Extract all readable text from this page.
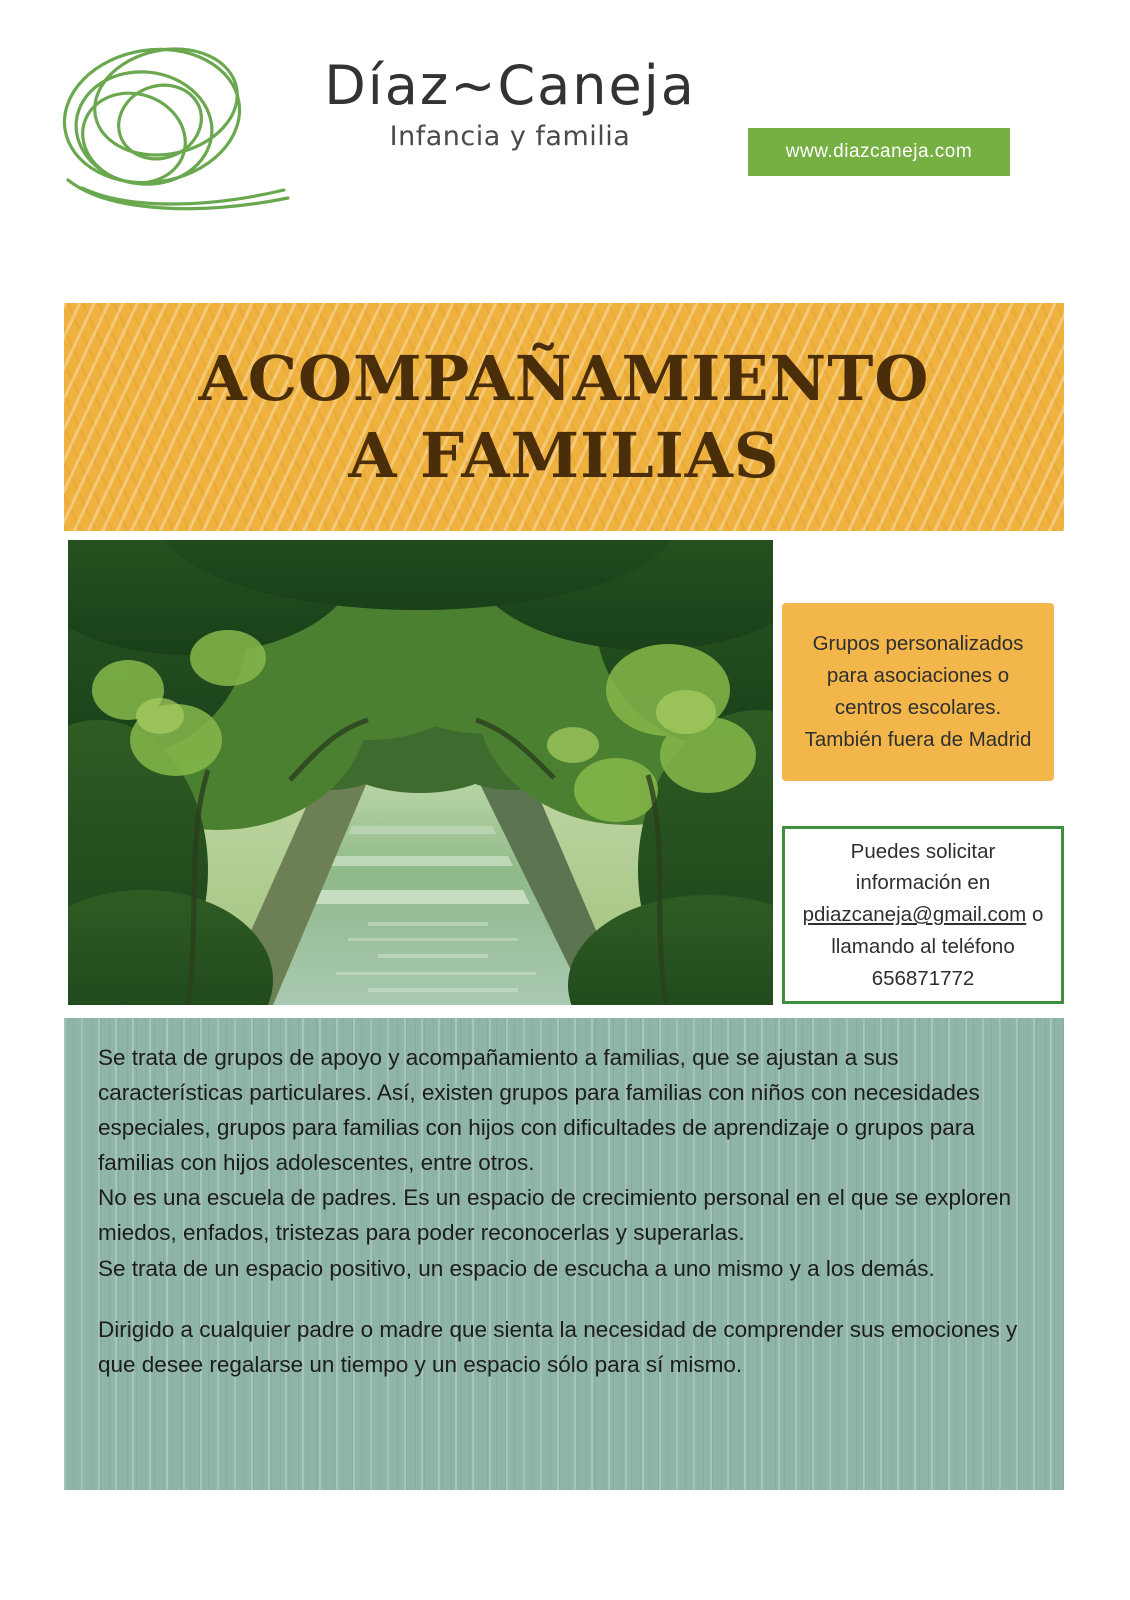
Díaz~Caneja
Infancia y familia	www.diazcaneja.com
ACOMPAÑAMIENTO
A FAMILIAS

Grupos personalizados para asociaciones o centros escolares. También fuera de Madrid

Puedes solicitar
información en
pdiazcaneja@gmail.com o
llamando al teléfono
656871772

Se trata de grupos de apoyo y acompañamiento a familias, que se ajustan a sus características particulares. Así, existen grupos para familias con niños con necesidades especiales, grupos para familias con hijos con dificultades de aprendizaje o grupos para familias con hijos adolescentes, entre otros.

No es una escuela de padres. Es un espacio de crecimiento personal en el que se exploren miedos, enfados, tristezas para poder reconocerlas y superarlas.

Se trata de un espacio positivo, un espacio de escucha a uno mismo y a los demás.

Dirigido a cualquier padre o madre que sienta la necesidad de comprender sus emociones y que desee regalarse un tiempo y un espacio sólo para sí mismo.
